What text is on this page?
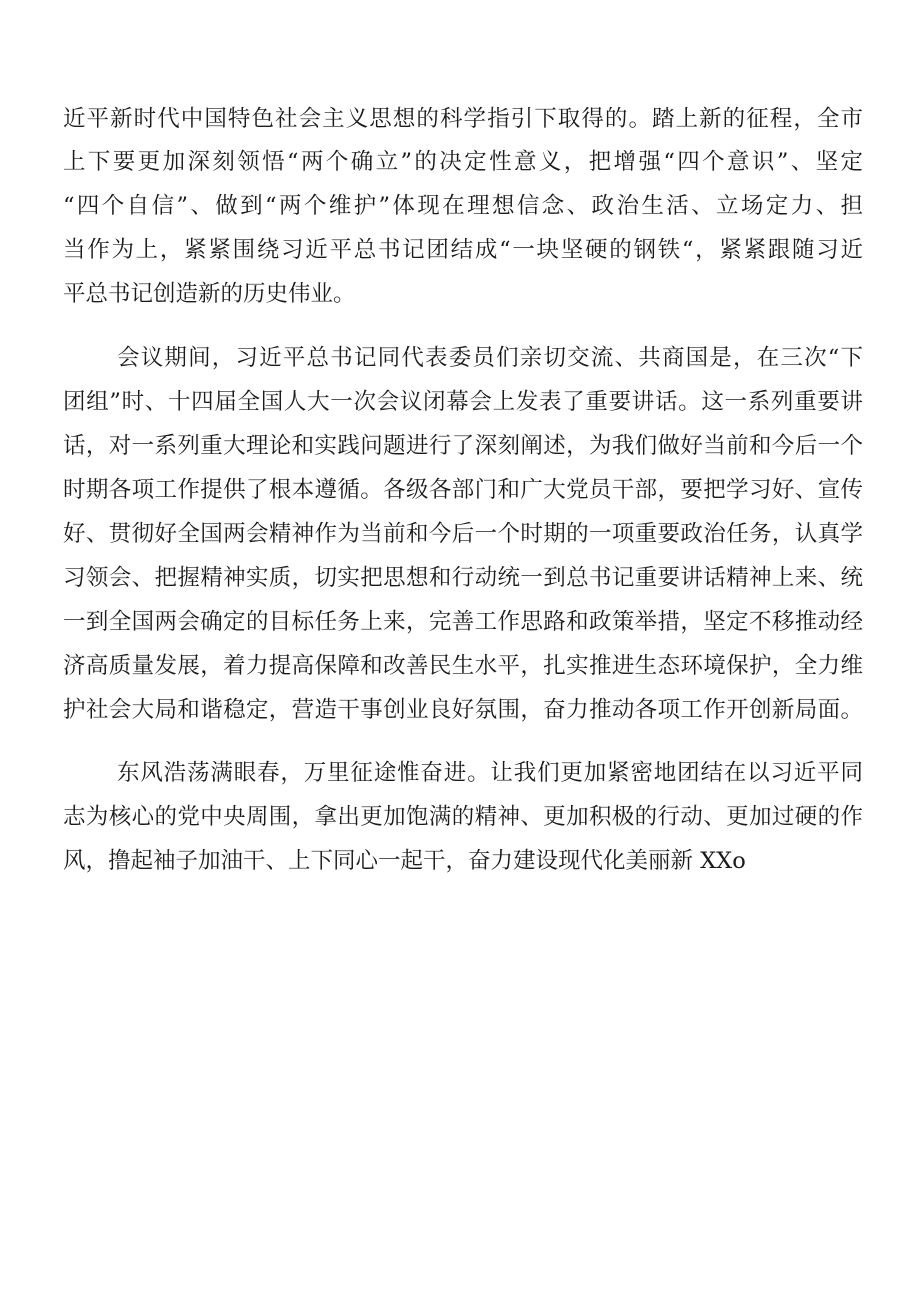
近平新时代中国特色社会主义思想的科学指引下取得的。踏上新的征程，全市
上下要更加深刻领悟“两个确立”的决定性意义，把增强“四个意识”、坚定
“四个自信”、做到“两个维护”体现在理想信念、政治生活、立场定力、担
当作为上，紧紧围绕习近平总书记团结成“一块坚硬的钢铁“，紧紧跟随习近
平总书记创造新的历史伟业。
会议期间，习近平总书记同代表委员们亲切交流、共商国是，在三次“下
团组”时、十四届全国人大一次会议闭幕会上发表了重要讲话。这一系列重要讲
话，对一系列重大理论和实践问题进行了深刻阐述，为我们做好当前和今后一个
时期各项工作提供了根本遵循。各级各部门和广大党员干部，要把学习好、宣传
好、贯彻好全国两会精神作为当前和今后一个时期的一项重要政治任务，认真学
习领会、把握精神实质，切实把思想和行动统一到总书记重要讲话精神上来、统
一到全国两会确定的目标任务上来，完善工作思路和政策举措，坚定不移推动经
济高质量发展，着力提高保障和改善民生水平，扎实推进生态环境保护，全力维
护社会大局和谐稳定，营造干事创业良好氛围，奋力推动各项工作开创新局面。
东风浩荡满眼春，万里征途惟奋进。让我们更加紧密地团结在以习近平同
志为核心的党中央周围，拿出更加饱满的精神、更加积极的行动、更加过硬的作
风，撸起袖子加油干、上下同心一起干，奋力建设现代化美丽新 XXo
